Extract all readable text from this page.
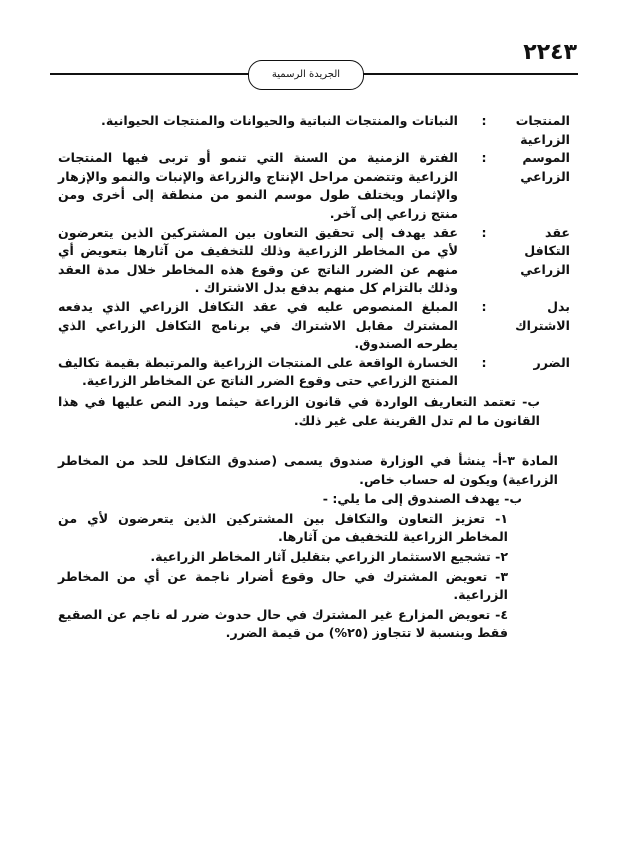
٢٢٤٣
الجريدة الرسمية
المنتجات الزراعية
:
النباتات والمنتجات النباتية والحيوانات والمنتجات الحيوانية.
الموسم الزراعي
:
الفترة الزمنية من السنة التي تنمو أو تربى فيها المنتجات الزراعية وتتضمن مراحل الإنتاج والزراعة والإنبات والنمو والإزهار والإثمار ويختلف طول موسم النمو من منطقة إلى أخرى ومن منتج زراعي إلى آخر.
عقد التكافل الزراعي
:
عقد يهدف إلى تحقيق التعاون بين المشتركين الذين يتعرضون لأي من المخاطر الزراعية وذلك للتخفيف من آثارها بتعويض أي منهم عن الضرر الناتج عن وقوع هذه المخاطر خلال مدة العقد وذلك بالتزام كل منهم بدفع بدل الاشتراك .
بدل الاشتراك
:
المبلغ المنصوص عليه في عقد التكافل الزراعي الذي يدفعه المشترك مقابل الاشتراك في برنامج التكافل الزراعي الذي يطرحه الصندوق.
الضرر
:
الخسارة الواقعة على المنتجات الزراعية والمرتبطة بقيمة تكاليف المنتج الزراعي حتى وقوع الضرر الناتج عن المخاطر الزراعية.
ب- تعتمد التعاريف الواردة في قانون الزراعة حيثما ورد النص عليها في هذا القانون ما لم تدل القرينة على غير ذلك.
المادة ٣-أ- ينشأ في الوزارة صندوق يسمى (صندوق التكافل للحد من المخاطر الزراعية) ويكون له حساب خاص.
ب- يهدف الصندوق إلى ما يلي: -
١- تعزيز التعاون والتكافل بين المشتركين الذين يتعرضون لأي من المخاطر الزراعية للتخفيف من آثارها.
٢- تشجيع الاستثمار الزراعي بتقليل آثار المخاطر الزراعية.
٣- تعويض المشترك في حال وقوع أضرار ناجمة عن أي من المخاطر الزراعية.
٤- تعويض المزارع غير المشترك في حال حدوث ضرر له ناجم عن الصقيع فقط وبنسبة لا تتجاوز (٢٥%) من قيمة الضرر.
